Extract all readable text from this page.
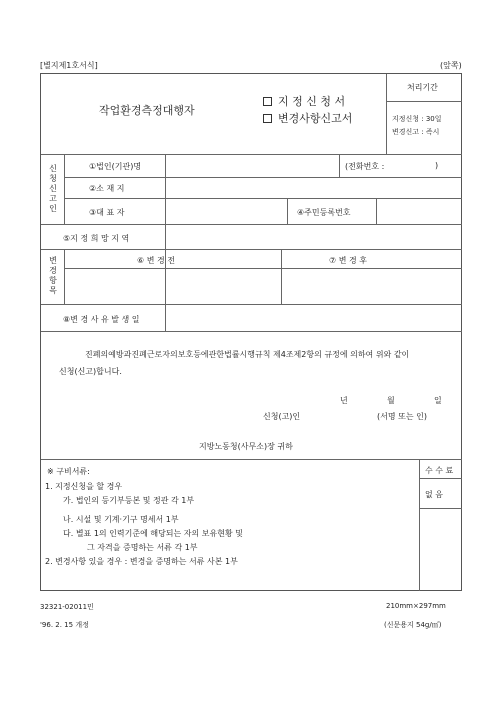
[별지제1호서식]	(앞쪽)
작업환경측정대행자
지 정 신 청 서
변경사항신고서
처리기간
지정신청 : 30일
변경신고 : 즉시
신
청
신
고
인
①법인(기관)명	(전화번호 :	)
②소 재 지
③대 표 자	④주민등록번호
⑤지 정 희 망 지 역
변
경
항
목
⑥ 변 경 전	⑦ 변 경 후
⑧변 경 사 유 발 생 일
진폐의예방과진폐근로자의보호등에관한법률시행규칙 제4조제2항의 규정에 의하여 위와 같이
신청(신고)합니다.
년	월	일
신청(고)인	(서명 또는 인)
지방노동청(사무소)장 귀하
수 수 료
없 음
※ 구비서류:
1. 지정신청을 할 경우
가. 법인의 등기부등본 및 정관 각 1부
나. 시설 및 기계·기구 명세서 1부
다. 별표 1의 인력기준에 해당되는 자의 보유현황 및
그 자격을 증명하는 서류 각 1부
2. 변경사항 있을 경우 : 변경을 증명하는 서류 사본 1부
32321-02011민	210mm×297mm
'96. 2. 15 개정	(신문용지 54g/㎡)
